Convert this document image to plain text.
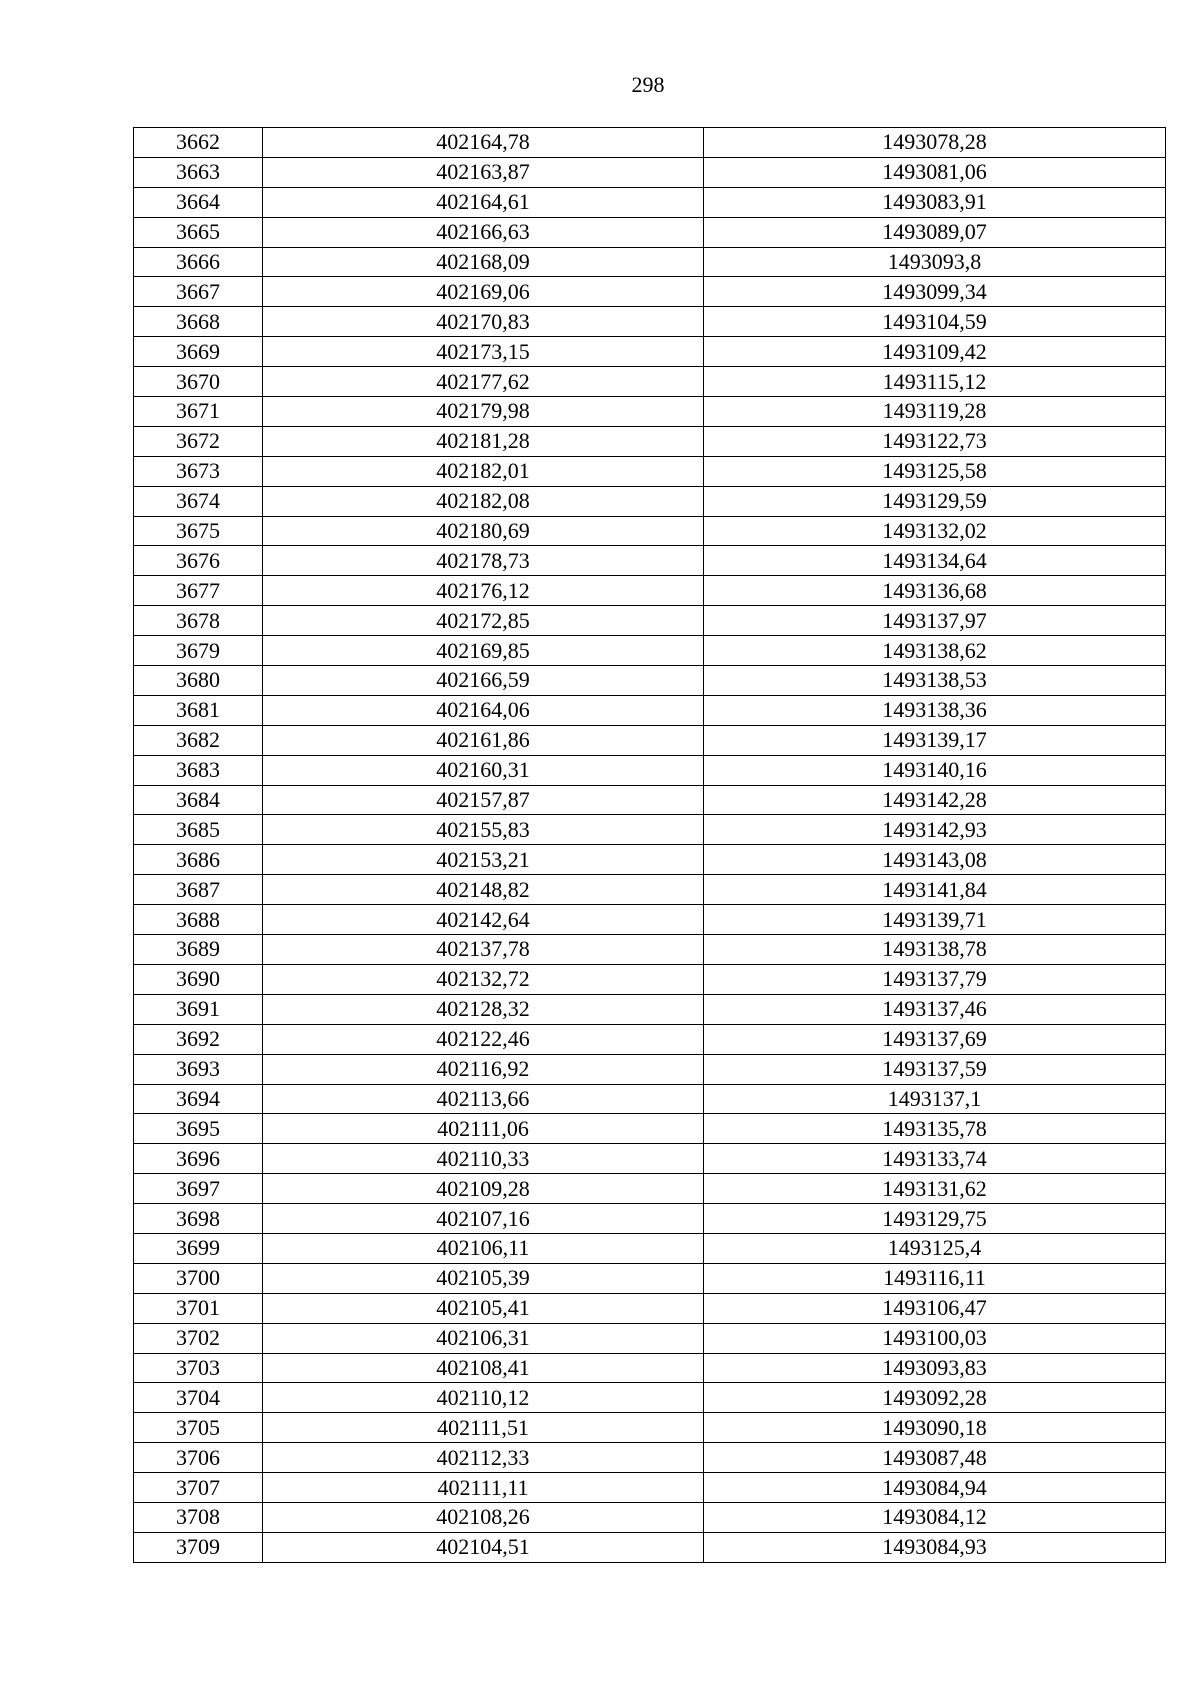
298
3662	402164,78	1493078,28
3663	402163,87	1493081,06
3664	402164,61	1493083,91
3665	402166,63	1493089,07
3666	402168,09	1493093,8
3667	402169,06	1493099,34
3668	402170,83	1493104,59
3669	402173,15	1493109,42
3670	402177,62	1493115,12
3671	402179,98	1493119,28
3672	402181,28	1493122,73
3673	402182,01	1493125,58
3674	402182,08	1493129,59
3675	402180,69	1493132,02
3676	402178,73	1493134,64
3677	402176,12	1493136,68
3678	402172,85	1493137,97
3679	402169,85	1493138,62
3680	402166,59	1493138,53
3681	402164,06	1493138,36
3682	402161,86	1493139,17
3683	402160,31	1493140,16
3684	402157,87	1493142,28
3685	402155,83	1493142,93
3686	402153,21	1493143,08
3687	402148,82	1493141,84
3688	402142,64	1493139,71
3689	402137,78	1493138,78
3690	402132,72	1493137,79
3691	402128,32	1493137,46
3692	402122,46	1493137,69
3693	402116,92	1493137,59
3694	402113,66	1493137,1
3695	402111,06	1493135,78
3696	402110,33	1493133,74
3697	402109,28	1493131,62
3698	402107,16	1493129,75
3699	402106,11	1493125,4
3700	402105,39	1493116,11
3701	402105,41	1493106,47
3702	402106,31	1493100,03
3703	402108,41	1493093,83
3704	402110,12	1493092,28
3705	402111,51	1493090,18
3706	402112,33	1493087,48
3707	402111,11	1493084,94
3708	402108,26	1493084,12
3709	402104,51	1493084,93
